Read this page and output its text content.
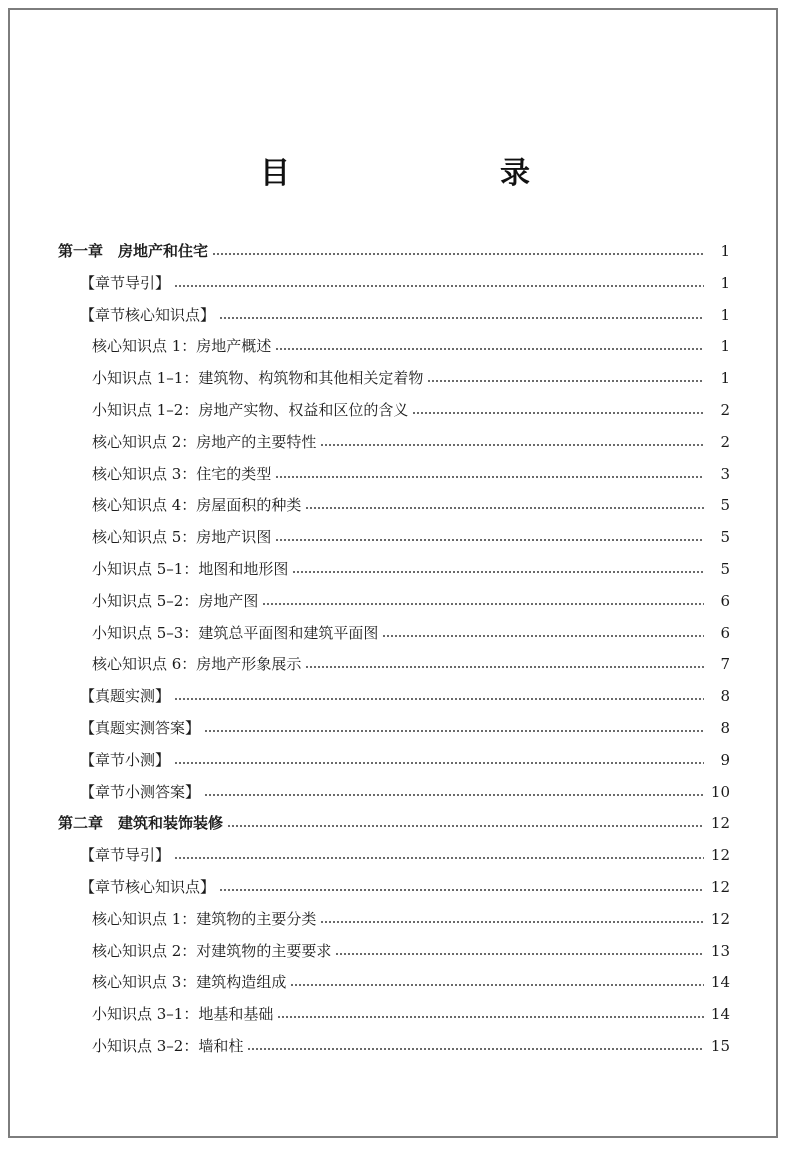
目　　录
第一章　房地产和住宅	1
【章节导引】	1
【章节核心知识点】	1
核心知识点 1：房地产概述	1
小知识点 1–1：建筑物、构筑物和其他相关定着物	1
小知识点 1–2：房地产实物、权益和区位的含义	2
核心知识点 2：房地产的主要特性	2
核心知识点 3：住宅的类型	3
核心知识点 4：房屋面积的种类	5
核心知识点 5：房地产识图	5
小知识点 5–1：地图和地形图	5
小知识点 5–2：房地产图	6
小知识点 5–3：建筑总平面图和建筑平面图	6
核心知识点 6：房地产形象展示	7
【真题实测】	8
【真题实测答案】	8
【章节小测】	9
【章节小测答案】	10
第二章　建筑和装饰装修	12
【章节导引】	12
【章节核心知识点】	12
核心知识点 1：建筑物的主要分类	12
核心知识点 2：对建筑物的主要要求	13
核心知识点 3：建筑构造组成	14
小知识点 3–1：地基和基础	14
小知识点 3–2：墙和柱	15
